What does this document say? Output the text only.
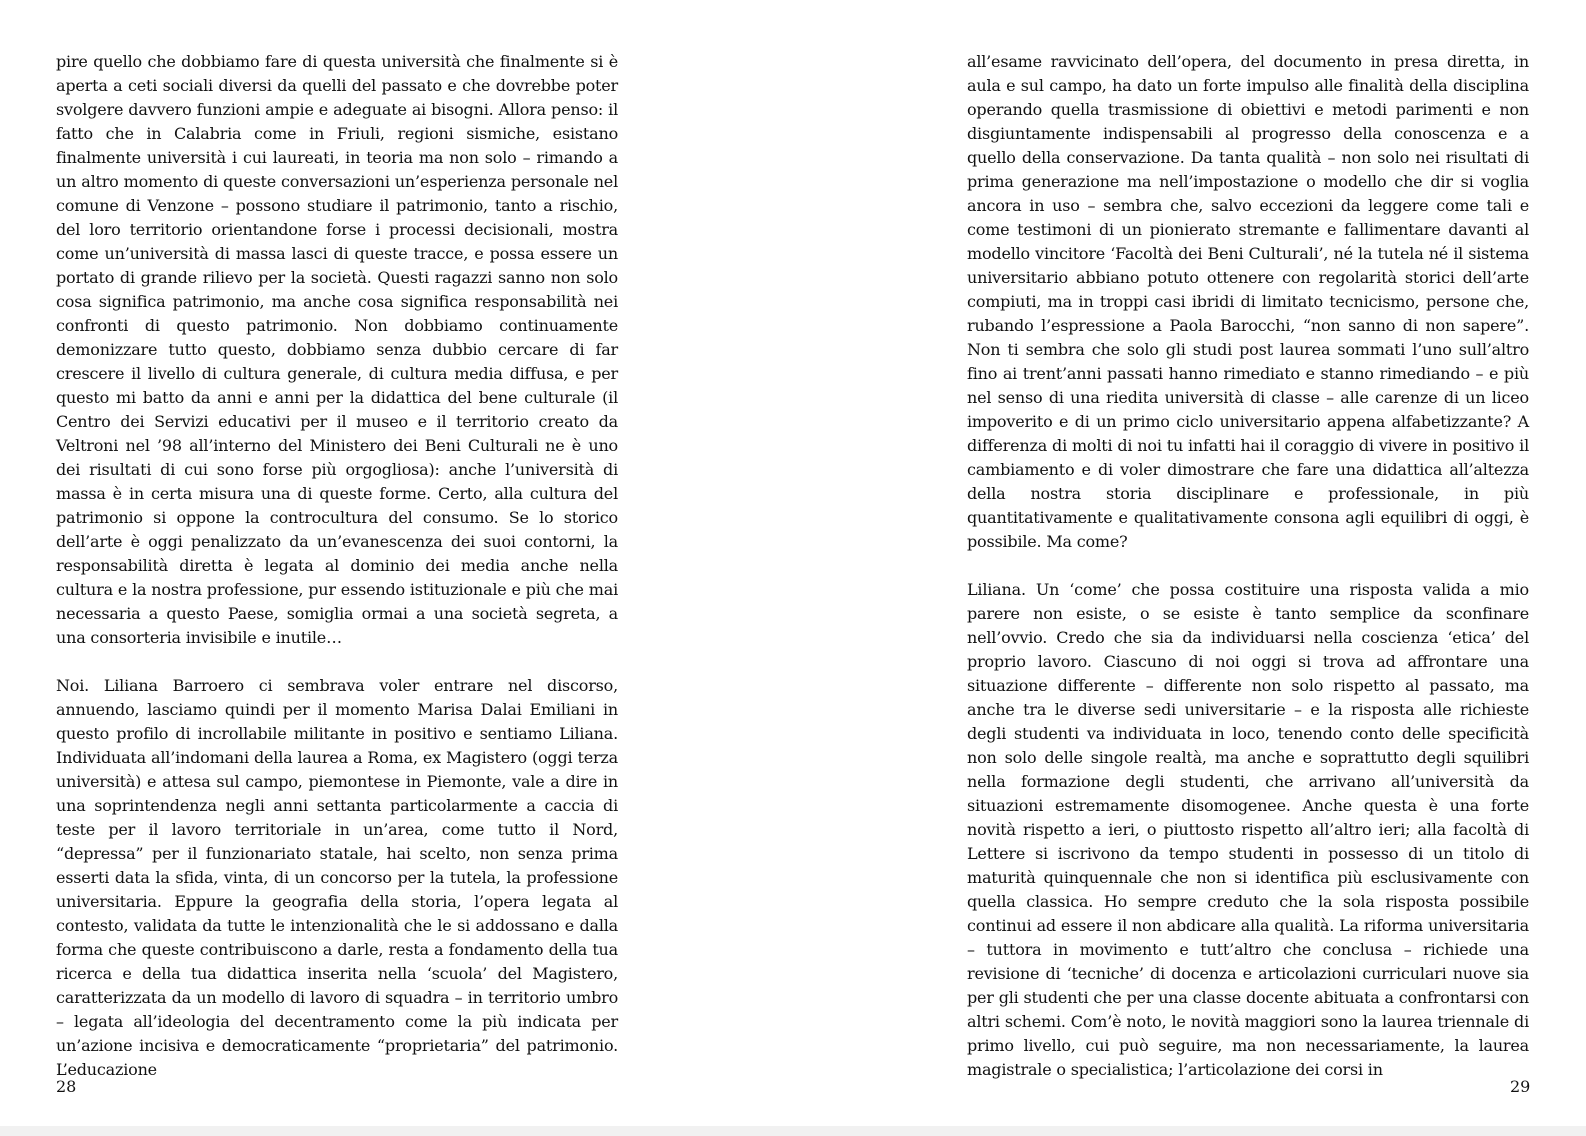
pire quello che dobbiamo fare di questa università che finalmente si è aperta a ceti sociali diversi da quelli del passato e che dovrebbe poter svolgere davvero funzioni ampie e adeguate ai bisogni. Allora penso: il fatto che in Calabria come in Friuli, regioni sismiche, esistano finalmente università i cui laureati, in teoria ma non solo – rimando a un altro momento di queste conversazioni un’esperienza personale nel comune di Venzone – possono studiare il patrimonio, tanto a rischio, del loro territorio orientandone forse i processi decisionali, mostra come un’università di massa lasci di queste tracce, e possa essere un portato di grande rilievo per la società. Questi ragazzi sanno non solo cosa significa patrimonio, ma anche cosa significa responsabilità nei confronti di questo patrimonio. Non dobbiamo continuamente demonizzare tutto questo, dobbiamo senza dubbio cercare di far crescere il livello di cultura generale, di cultura media diffusa, e per questo mi batto da anni e anni per la didattica del bene culturale (il Centro dei Servizi educativi per il museo e il territorio creato da Veltroni nel ’98 all’interno del Ministero dei Beni Culturali ne è uno dei risultati di cui sono forse più orgogliosa): anche l’università di massa è in certa misura una di queste forme. Certo, alla cultura del patrimonio si oppone la controcultura del consumo. Se lo storico dell’arte è oggi penalizzato da un’evanescenza dei suoi contorni, la responsabilità diretta è legata al dominio dei media anche nella cultura e la nostra professione, pur essendo istituzionale e più che mai necessaria a questo Paese, somiglia ormai a una società segreta, a una consorteria invisibile e inutile…

Noi. Liliana Barroero ci sembrava voler entrare nel discorso, annuendo, lasciamo quindi per il momento Marisa Dalai Emiliani in questo profilo di incrollabile militante in positivo e sentiamo Liliana. Individuata all’indomani della laurea a Roma, ex Magistero (oggi terza università) e attesa sul campo, piemontese in Piemonte, vale a dire in una soprintendenza negli anni settanta particolarmente a caccia di teste per il lavoro territoriale in un’area, come tutto il Nord, “depressa” per il funzionariato statale, hai scelto, non senza prima esserti data la sfida, vinta, di un concorso per la tutela, la professione universitaria. Eppure la geografia della storia, l’opera legata al contesto, validata da tutte le intenzionalità che le si addossano e dalla forma che queste contribuiscono a darle, resta a fondamento della tua ricerca e della tua didattica inserita nella ‘scuola’ del Magistero, caratterizzata da un modello di lavoro di squadra – in territorio umbro – legata all’ideologia del decentramento come la più indicata per un’azione incisiva e democraticamente “proprietaria” del patrimonio. L’educazione

28

all’esame ravvicinato dell’opera, del documento in presa diretta, in aula e sul campo, ha dato un forte impulso alle finalità della disciplina operando quella trasmissione di obiettivi e metodi parimenti e non disgiuntamente indispensabili al progresso della conoscenza e a quello della conservazione. Da tanta qualità – non solo nei risultati di prima generazione ma nell’impostazione o modello che dir si voglia ancora in uso – sembra che, salvo eccezioni da leggere come tali e come testimoni di un pionierato stremante e fallimentare davanti al modello vincitore ‘Facoltà dei Beni Culturali’, né la tutela né il sistema universitario abbiano potuto ottenere con regolarità storici dell’arte compiuti, ma in troppi casi ibridi di limitato tecnicismo, persone che, rubando l’espressione a Paola Barocchi, “non sanno di non sapere”. Non ti sembra che solo gli studi post laurea sommati l’uno sull’altro fino ai trent’anni passati hanno rimediato e stanno rimediando – e più nel senso di una riedita università di classe – alle carenze di un liceo impoverito e di un primo ciclo universitario appena alfabetizzante? A differenza di molti di noi tu infatti hai il coraggio di vivere in positivo il cambiamento e di voler dimostrare che fare una didattica all’altezza della nostra storia disciplinare e professionale, in più quantitativamente e qualitativamente consona agli equilibri di oggi, è possibile. Ma come?

Liliana. Un ‘come’ che possa costituire una risposta valida a mio parere non esiste, o se esiste è tanto semplice da sconfinare nell’ovvio. Credo che sia da individuarsi nella coscienza ‘etica’ del proprio lavoro. Ciascuno di noi oggi si trova ad affrontare una situazione differente – differente non solo rispetto al passato, ma anche tra le diverse sedi universitarie – e la risposta alle richieste degli studenti va individuata in loco, tenendo conto delle specificità non solo delle singole realtà, ma anche e soprattutto degli squilibri nella formazione degli studenti, che arrivano all’università da situazioni estremamente disomogenee. Anche questa è una forte novità rispetto a ieri, o piuttosto rispetto all’altro ieri; alla facoltà di Lettere si iscrivono da tempo studenti in possesso di un titolo di maturità quinquennale che non si identifica più esclusivamente con quella classica. Ho sempre creduto che la sola risposta possibile continui ad essere il non abdicare alla qualità. La riforma universitaria – tuttora in movimento e tutt’altro che conclusa – richiede una revisione di ‘tecniche’ di docenza e articolazioni curriculari nuove sia per gli studenti che per una classe docente abituata a confrontarsi con altri schemi. Com’è noto, le novità maggiori sono la laurea triennale di primo livello, cui può seguire, ma non necessariamente, la laurea magistrale o specialistica; l’articolazione dei corsi in

29
